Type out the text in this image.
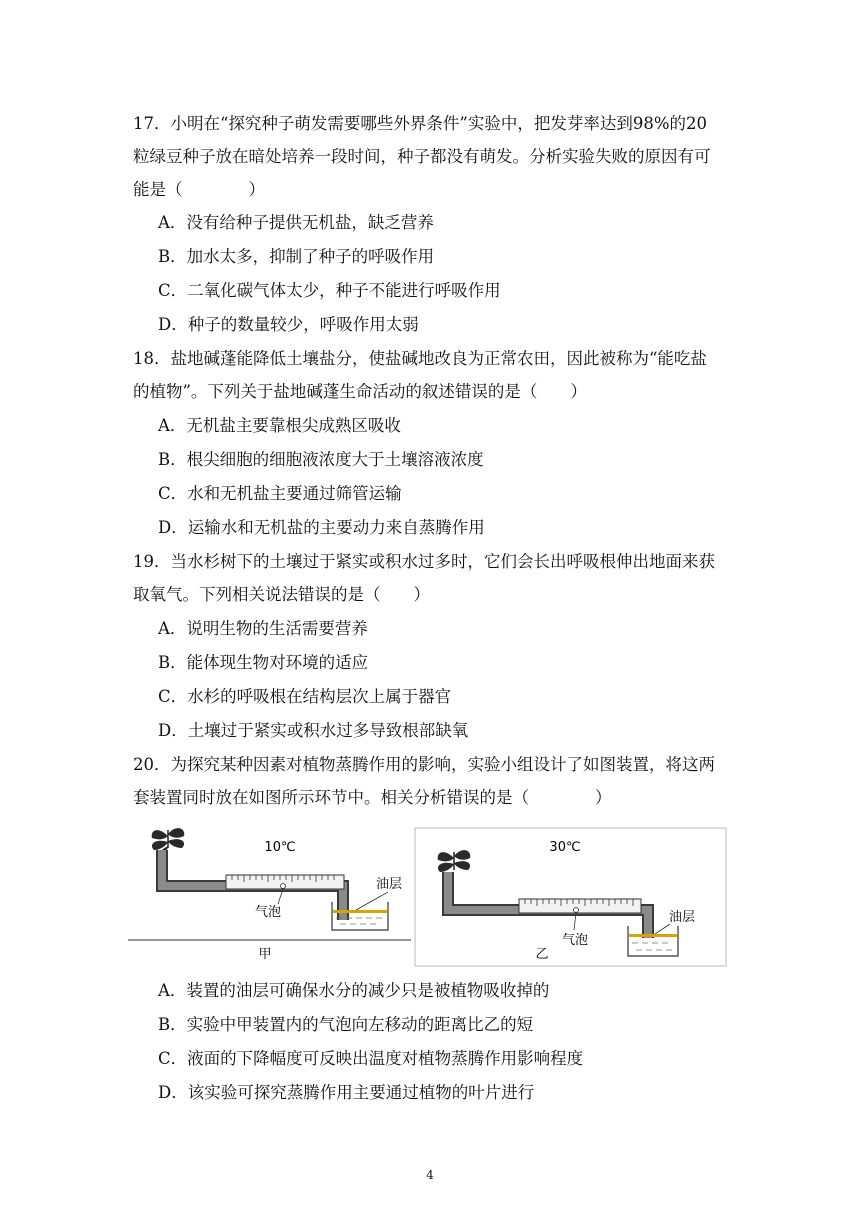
17．小明在“探究种子萌发需要哪些外界条件”实验中，把发芽率达到98%的20
粒绿豆种子放在暗处培养一段时间，种子都没有萌发。分析实验失败的原因有可
能是（　　　　）
A．没有给种子提供无机盐，缺乏营养
B．加水太多，抑制了种子的呼吸作用
C．二氧化碳气体太少，种子不能进行呼吸作用
D．种子的数量较少，呼吸作用太弱
18．盐地碱蓬能降低土壤盐分，使盐碱地改良为正常农田，因此被称为“能吃盐
的植物”。下列关于盐地碱蓬生命活动的叙述错误的是（　　）
A．无机盐主要靠根尖成熟区吸收
B．根尖细胞的细胞液浓度大于土壤溶液浓度
C．水和无机盐主要通过筛管运输
D．运输水和无机盐的主要动力来自蒸腾作用
19．当水杉树下的土壤过于紧实或积水过多时，它们会长出呼吸根伸出地面来获
取氧气。下列相关说法错误的是（　　）
A．说明生物的生活需要营养
B．能体现生物对环境的适应
C．水杉的呼吸根在结构层次上属于器官
D．土壤过于紧实或积水过多导致根部缺氧
20．为探究某种因素对植物蒸腾作用的影响，实验小组设计了如图装置，将这两
套装置同时放在如图所示环节中。相关分析错误的是（　　　　）
10℃
气泡
油层
甲
30℃
气泡
油层
乙
A．装置的油层可确保水分的减少只是被植物吸收掉的
B．实验中甲装置内的气泡向左移动的距离比乙的短
C．液面的下降幅度可反映出温度对植物蒸腾作用影响程度
D．该实验可探究蒸腾作用主要通过植物的叶片进行
4
